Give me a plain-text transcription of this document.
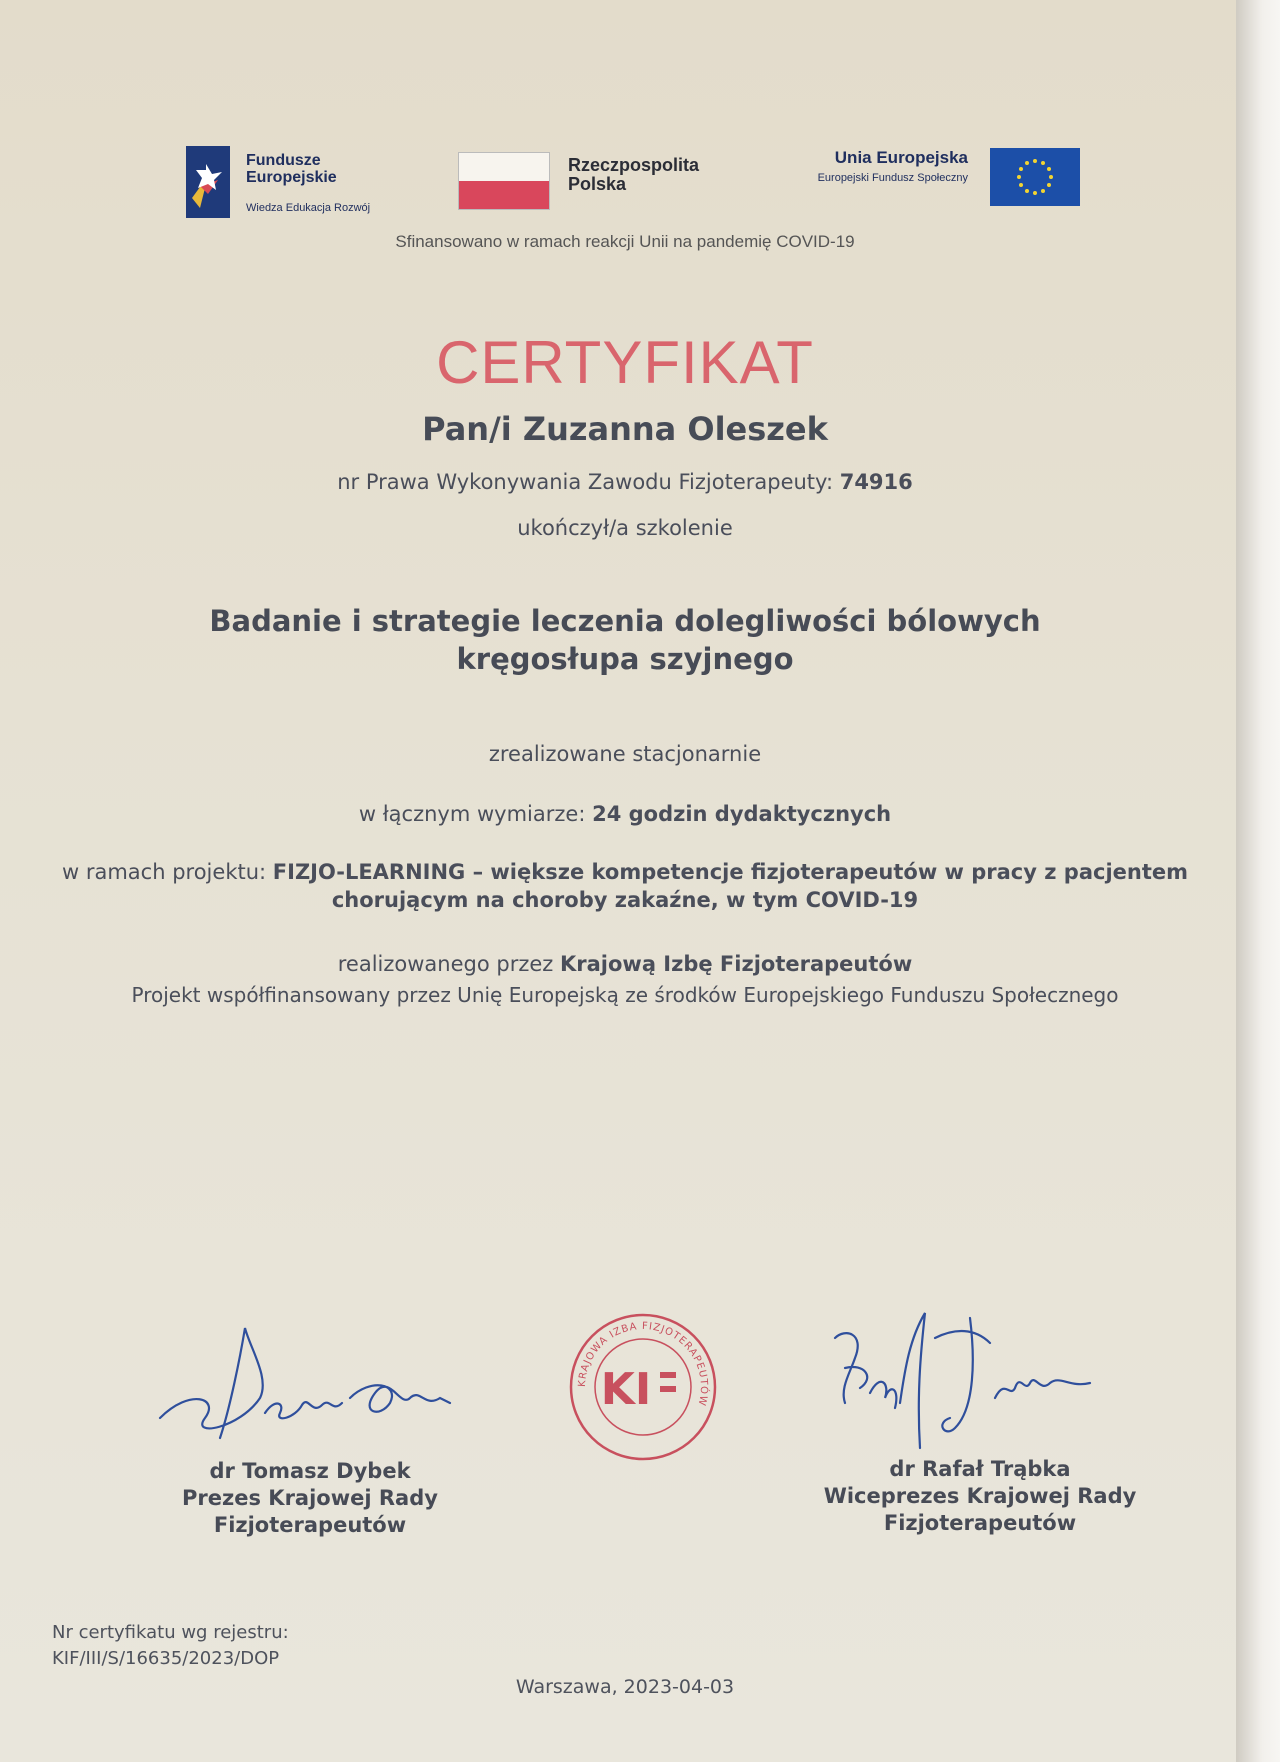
Fundusze
Europejskie
Wiedza Edukacja Rozwój
Rzeczpospolita
Polska
Unia Europejska
Europejski Fundusz Społeczny
Sfinansowano w ramach reakcji Unii na pandemię COVID-19
CERTYFIKAT
Pan/i Zuzanna Oleszek
nr Prawa Wykonywania Zawodu Fizjoterapeuty: 74916
ukończył/a szkolenie
Badanie i strategie leczenia dolegliwości bólowych
kręgosłupa szyjnego
zrealizowane stacjonarnie
w łącznym wymiarze: 24 godzin dydaktycznych
w ramach projektu: FIZJO-LEARNING – większe kompetencje fizjoterapeutów w pracy z pacjentem chorującym na choroby zakaźne, w tym COVID-19
realizowanego przez Krajową Izbę Fizjoterapeutów
Projekt współfinansowany przez Unię Europejską ze środków Europejskiego Funduszu Społecznego
KRAJOWA IZBA FIZJOTERAPEUTÓW
KI
dr Tomasz Dybek
Prezes Krajowej Rady
Fizjoterapeutów
dr Rafał Trąbka
Wiceprezes Krajowej Rady
Fizjoterapeutów
Nr certyfikatu wg rejestru:
KIF/III/S/16635/2023/DOP
Warszawa, 2023-04-03
